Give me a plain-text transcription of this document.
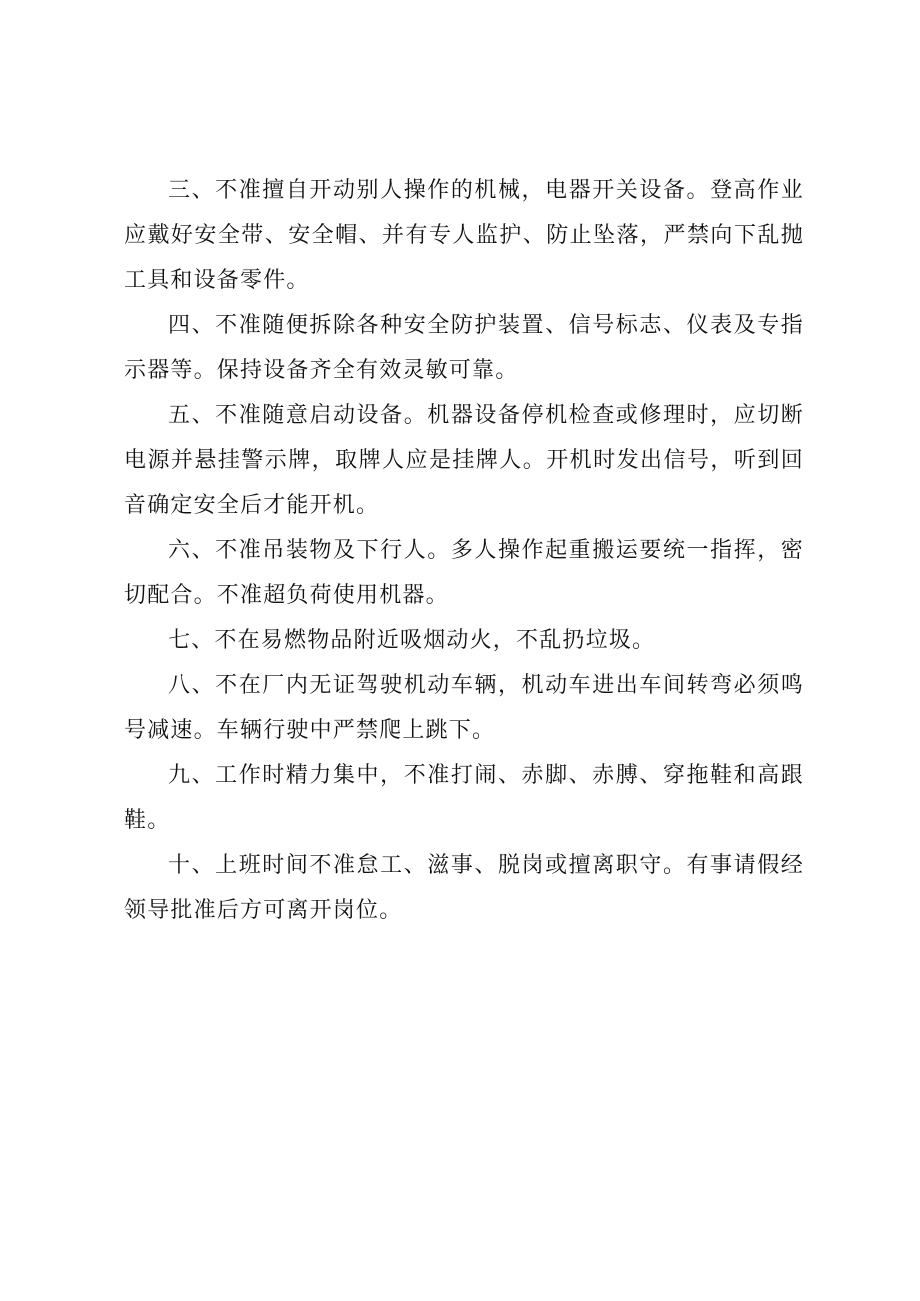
三、不准擅自开动别人操作的机械，电器开关设备。登高作业应戴好安全带、安全帽、并有专人监护、防止坠落，严禁向下乱抛工具和设备零件。

四、不准随便拆除各种安全防护装置、信号标志、仪表及专指示器等。保持设备齐全有效灵敏可靠。

五、不准随意启动设备。机器设备停机检查或修理时，应切断电源并悬挂警示牌，取牌人应是挂牌人。开机时发出信号，听到回音确定安全后才能开机。

六、不准吊装物及下行人。多人操作起重搬运要统一指挥，密切配合。不准超负荷使用机器。

七、不在易燃物品附近吸烟动火，不乱扔垃圾。

八、不在厂内无证驾驶机动车辆，机动车进出车间转弯必须鸣号减速。车辆行驶中严禁爬上跳下。

九、工作时精力集中，不准打闹、赤脚、赤膊、穿拖鞋和高跟鞋。

十、上班时间不准怠工、滋事、脱岗或擅离职守。有事请假经领导批准后方可离开岗位。
